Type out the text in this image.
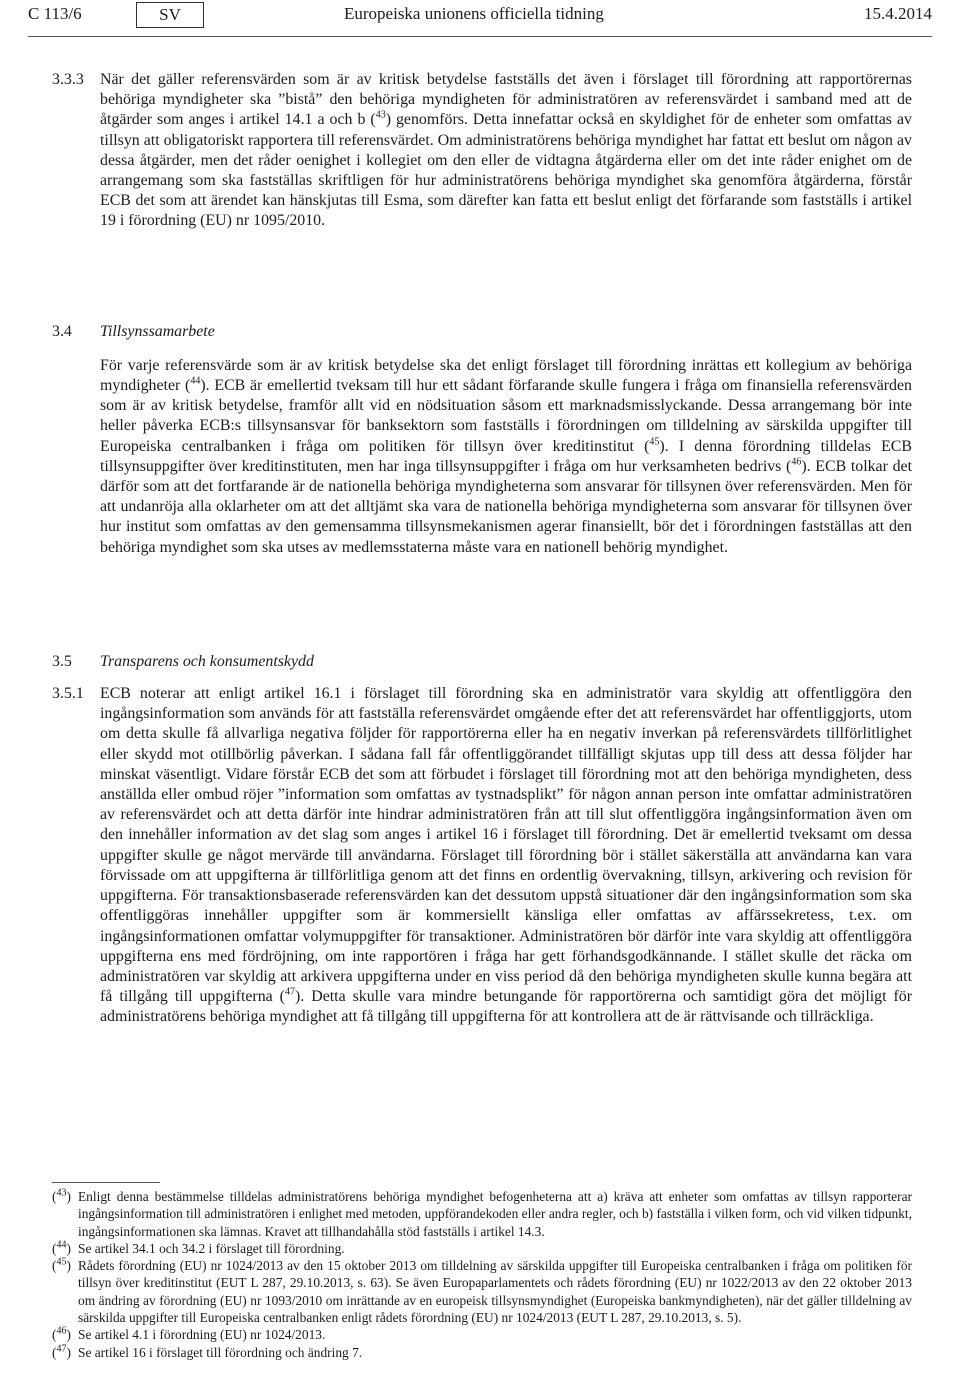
C 113/6	SV	Europeiska unionens officiella tidning	15.4.2014

3.3.3 När det gäller referensvärden som är av kritisk betydelse fastställs det även i förslaget till förordning att rapportörernas behöriga myndigheter ska ”bistå” den behöriga myndigheten för administratören av referensvärdet i samband med att de åtgärder som anges i artikel 14.1 a och b ($^{43}$) genomförs. Detta innefattar också en skyldighet för de enheter som omfattas av tillsyn att obligatoriskt rapportera till referensvärdet. Om administratörens behöriga myndighet har fattat ett beslut om någon av dessa åtgärder, men det råder oenighet i kollegiet om den eller de vidtagna åtgärderna eller om det inte råder enighet om de arrangemang som ska fastställas skriftligen för hur administratörens behöriga myndighet ska genomföra åtgärderna, förstår ECB det som att ärendet kan hänskjutas till Esma, som därefter kan fatta ett beslut enligt det förfarande som fastställs i artikel 19 i förordning (EU) nr 1095/2010.

3.4 Tillsynssamarbete

För varje referensvärde som är av kritisk betydelse ska det enligt förslaget till förordning inrättas ett kollegium av behöriga myndigheter ($^{44}$). ECB är emellertid tveksam till hur ett sådant förfarande skulle fungera i fråga om finansiella referensvärden som är av kritisk betydelse, framför allt vid en nödsituation såsom ett marknadsmisslyckande. Dessa arrangemang bör inte heller påverka ECB:s tillsynsansvar för banksektorn som fastställs i förordningen om tilldelning av särskilda uppgifter till Europeiska centralbanken i fråga om politiken för tillsyn över kreditinstitut ($^{45}$). I denna förordning tilldelas ECB tillsynsuppgifter över kreditinstituten, men har inga tillsynsuppgifter i fråga om hur verksamheten bedrivs ($^{46}$). ECB tolkar det därför som att det fortfarande är de nationella behöriga myndigheterna som ansvarar för tillsynen över referensvärden. Men för att undanröja alla oklarheter om att det alltjämt ska vara de nationella behöriga myndigheterna som ansvarar för tillsynen över hur institut som omfattas av den gemensamma tillsynsmekanismen agerar finansiellt, bör det i förordningen fastställas att den behöriga myndighet som ska utses av medlemsstaterna måste vara en nationell behörig myndighet.

3.5 Transparens och konsumentskydd

3.5.1 ECB noterar att enligt artikel 16.1 i förslaget till förordning ska en administratör vara skyldig att offentliggöra den ingångsinformation som används för att fastställa referensvärdet omgående efter det att referensvärdet har offentliggjorts, utom om detta skulle få allvarliga negativa följder för rapportörerna eller ha en negativ inverkan på referensvärdets tillförlitlighet eller skydd mot otillbörlig påverkan. I sådana fall får offentliggörandet tillfälligt skjutas upp till dess att dessa följder har minskat väsentligt. Vidare förstår ECB det som att förbudet i förslaget till förordning mot att den behöriga myndigheten, dess anställda eller ombud röjer ”information som omfattas av tystnadsplikt” för någon annan person inte omfattar administratören av referensvärdet och att detta därför inte hindrar administratören från att till slut offentliggöra ingångsinformation även om den innehåller information av det slag som anges i artikel 16 i förslaget till förordning. Det är emellertid tveksamt om dessa uppgifter skulle ge något mervärde till användarna. Förslaget till förordning bör i stället säkerställa att användarna kan vara förvissade om att uppgifterna är tillförlitliga genom att det finns en ordentlig övervakning, tillsyn, arkivering och revision för uppgifterna. För transaktionsbaserade referensvärden kan det dessutom uppstå situationer där den ingångsinformation som ska offentliggöras innehåller uppgifter som är kommersiellt känsliga eller omfattas av affärssekretess, t.ex. om ingångsinformationen omfattar volymuppgifter för transaktioner. Administratören bör därför inte vara skyldig att offentliggöra uppgifterna ens med fördröjning, om inte rapportören i fråga har gett förhandsgodkännande. I stället skulle det räcka om administratören var skyldig att arkivera uppgifterna under en viss period då den behöriga myndigheten skulle kunna begära att få tillgång till uppgifterna ($^{47}$). Detta skulle vara mindre betungande för rapportörerna och samtidigt göra det möjligt för administratörens behöriga myndighet att få tillgång till uppgifterna för att kontrollera att de är rättvisande och tillräckliga.

($^{43}$) Enligt denna bestämmelse tilldelas administratörens behöriga myndighet befogenheterna att a) kräva att enheter som omfattas av tillsyn rapporterar ingångsinformation till administratören i enlighet med metoden, uppförandekoden eller andra regler, och b) fastställa i vilken form, och vid vilken tidpunkt, ingångsinformationen ska lämnas. Kravet att tillhandahålla stöd fastställs i artikel 14.3.

($^{44}$) Se artikel 34.1 och 34.2 i förslaget till förordning.

($^{45}$) Rådets förordning (EU) nr 1024/2013 av den 15 oktober 2013 om tilldelning av särskilda uppgifter till Europeiska centralbanken i fråga om politiken för tillsyn över kreditinstitut (EUT L 287, 29.10.2013, s. 63). Se även Europaparlamentets och rådets förordning (EU) nr 1022/2013 av den 22 oktober 2013 om ändring av förordning (EU) nr 1093/2010 om inrättande av en europeisk tillsynsmyndighet (Europeiska bankmyndigheten), när det gäller tilldelning av särskilda uppgifter till Europeiska centralbanken enligt rådets förordning (EU) nr 1024/2013 (EUT L 287, 29.10.2013, s. 5).

($^{46}$) Se artikel 4.1 i förordning (EU) nr 1024/2013.

($^{47}$) Se artikel 16 i förslaget till förordning och ändring 7.
